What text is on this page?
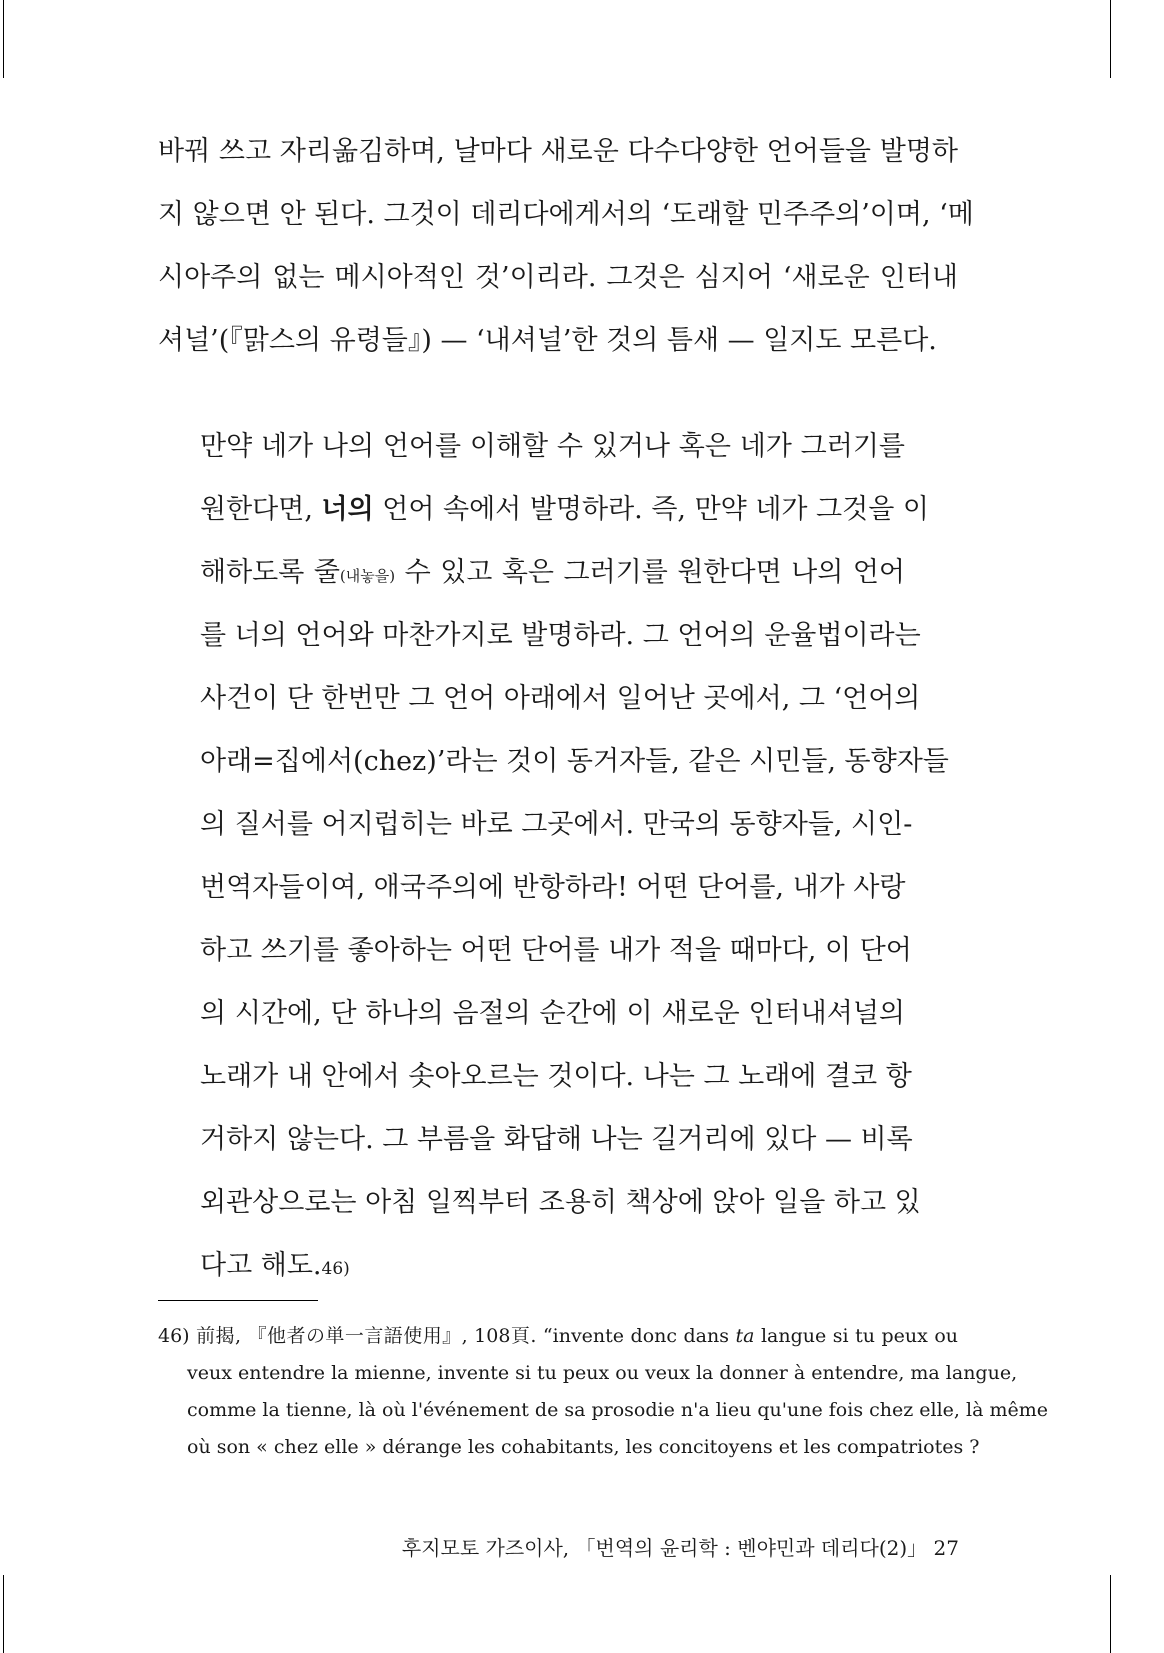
바꿔 쓰고 자리옮김하며, 날마다 새로운 다수다양한 언어들을 발명하
지 않으면 안 된다. 그것이 데리다에게서의 ‘도래할 민주주의’이며, ‘메
시아주의 없는 메시아적인 것’이리라. 그것은 심지어 ‘새로운 인터내
셔널’(『맑스의 유령들』) — ‘내셔널’한 것의 틈새 — 일지도 모른다.
만약 네가 나의 언어를 이해할 수 있거나 혹은 네가 그러기를
원한다면, 너의 언어 속에서 발명하라. 즉, 만약 네가 그것을 이
해하도록 줄(내놓을) 수 있고 혹은 그러기를 원한다면 나의 언어
를 너의 언어와 마찬가지로 발명하라. 그 언어의 운율법이라는
사건이 단 한번만 그 언어 아래에서 일어난 곳에서, 그 ‘언어의
아래=집에서(chez)’라는 것이 동거자들, 같은 시민들, 동향자들
의 질서를 어지럽히는 바로 그곳에서. 만국의 동향자들, 시인-
번역자들이여, 애국주의에 반항하라! 어떤 단어를, 내가 사랑
하고 쓰기를 좋아하는 어떤 단어를 내가 적을 때마다, 이 단어
의 시간에, 단 하나의 음절의 순간에 이 새로운 인터내셔널의
노래가 내 안에서 솟아오르는 것이다. 나는 그 노래에 결코 항
거하지 않는다. 그 부름을 화답해 나는 길거리에 있다 — 비록
외관상으로는 아침 일찍부터 조용히 책상에 앉아 일을 하고 있
다고 해도.46)
46) 前揭, 『他者の単一言語使用』, 108頁. “invente donc dans ta langue si tu peux ou
veux entendre la mienne, invente si tu peux ou veux la donner à entendre, ma langue,
comme la tienne, là où l'événement de sa prosodie n'a lieu qu'une fois chez elle, là même
où son « chez elle » dérange les cohabitants, les concitoyens et les compatriotes ?
후지모토 가즈이사, 「번역의 윤리학 : 벤야민과 데리다(2)」 27
